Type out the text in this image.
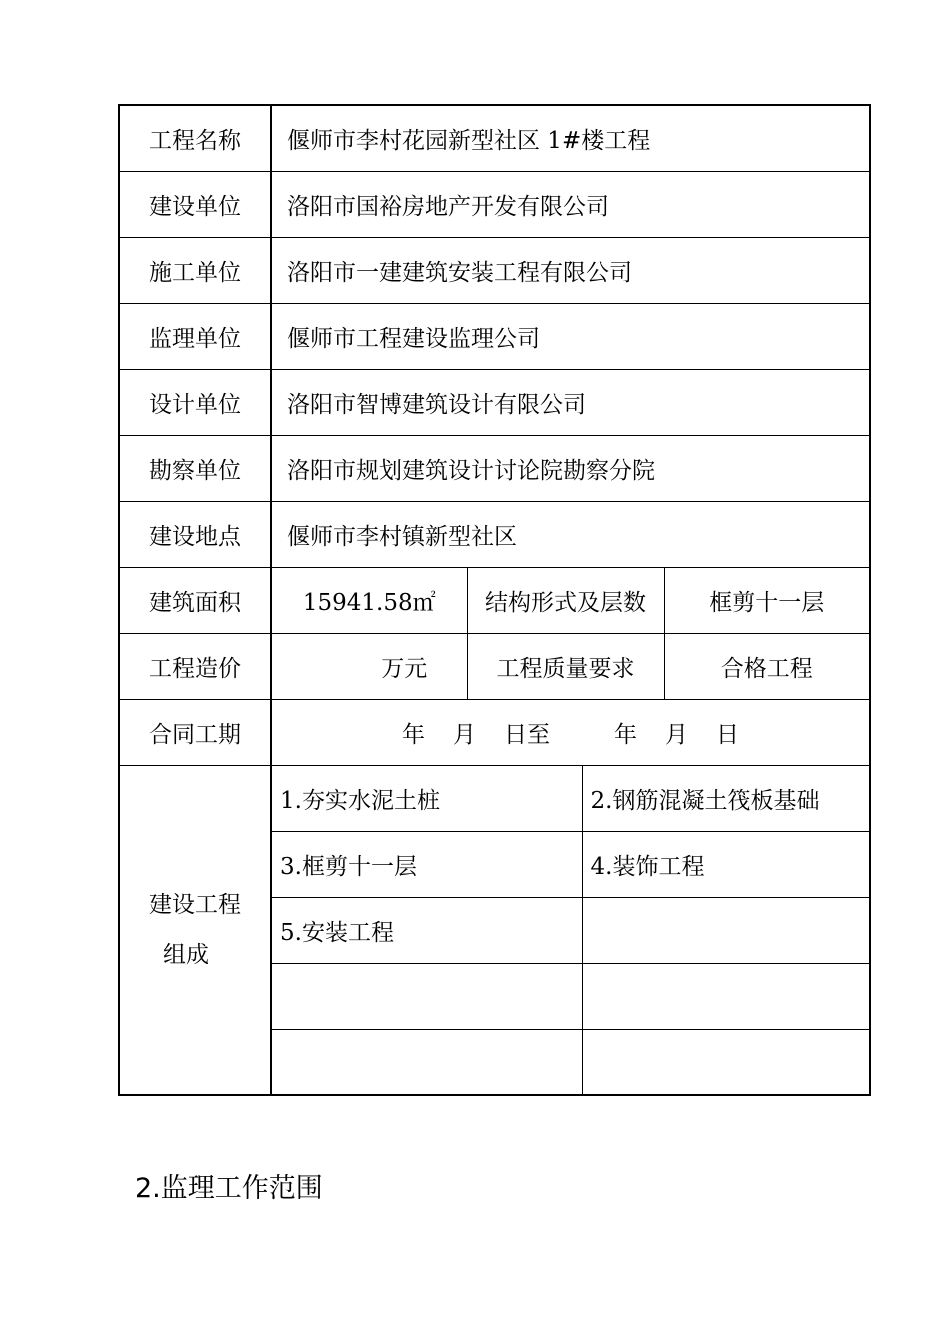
工程名称	偃师市李村花园新型社区 1#楼工程			
建设单位	洛阳市国裕房地产开发有限公司			
施工单位	洛阳市一建建筑安装工程有限公司			
监理单位	偃师市工程建设监理公司			
设计单位	洛阳市智博建筑设计有限公司			
勘察单位	洛阳市规划建筑设计讨论院勘察分院			
建设地点	偃师市李村镇新型社区			
建筑面积	15941.58㎡	结构形式及层数		框剪十一层
工程造价	万元	工程质量要求		合格工程
合同工期	年 月 日至 年 月 日			

建设工程
组成	1.夯实水泥土桩		2.钢筋混凝土筏板基础	
	3.框剪十一层		4.装饰工程	
	5.安装工程			

2.监理工作范围
